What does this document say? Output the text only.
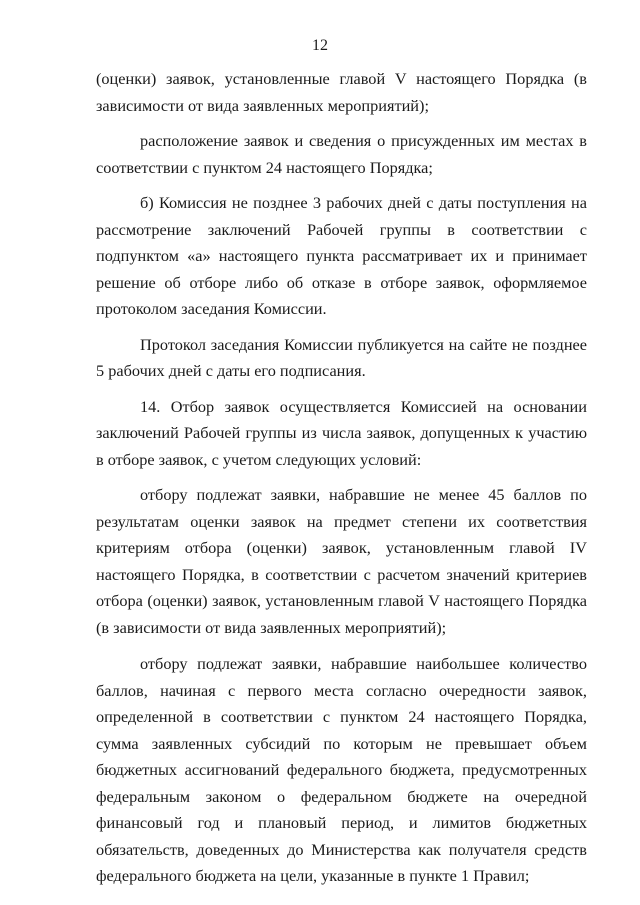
12

(оценки) заявок, установленные главой V настоящего Порядка (в зависимости от вида заявленных мероприятий);

расположение заявок и сведения о присужденных им местах в соответствии с пунктом 24 настоящего Порядка;

б) Комиссия не позднее 3 рабочих дней с даты поступления на рассмотрение заключений Рабочей группы в соответствии с подпунктом «а» настоящего пункта рассматривает их и принимает решение об отборе либо об отказе в отборе заявок, оформляемое протоколом заседания Комиссии.

Протокол заседания Комиссии публикуется на сайте не позднее 5 рабочих дней с даты его подписания.

14. Отбор заявок осуществляется Комиссией на основании заключений Рабочей группы из числа заявок, допущенных к участию в отборе заявок, с учетом следующих условий:

отбору подлежат заявки, набравшие не менее 45 баллов по результатам оценки заявок на предмет степени их соответствия критериям отбора (оценки) заявок, установленным главой IV настоящего Порядка, в соответствии с расчетом значений критериев отбора (оценки) заявок, установленным главой V настоящего Порядка (в зависимости от вида заявленных мероприятий);

отбору подлежат заявки, набравшие наибольшее количество баллов, начиная с первого места согласно очередности заявок, определенной в соответствии с пунктом 24 настоящего Порядка, сумма заявленных субсидий по которым не превышает объем бюджетных ассигнований федерального бюджета, предусмотренных федеральным законом о федеральном бюджете на очередной финансовый год и плановый период, и лимитов бюджетных обязательств, доведенных до Министерства как получателя средств федерального бюджета на цели, указанные в пункте 1 Правил;
